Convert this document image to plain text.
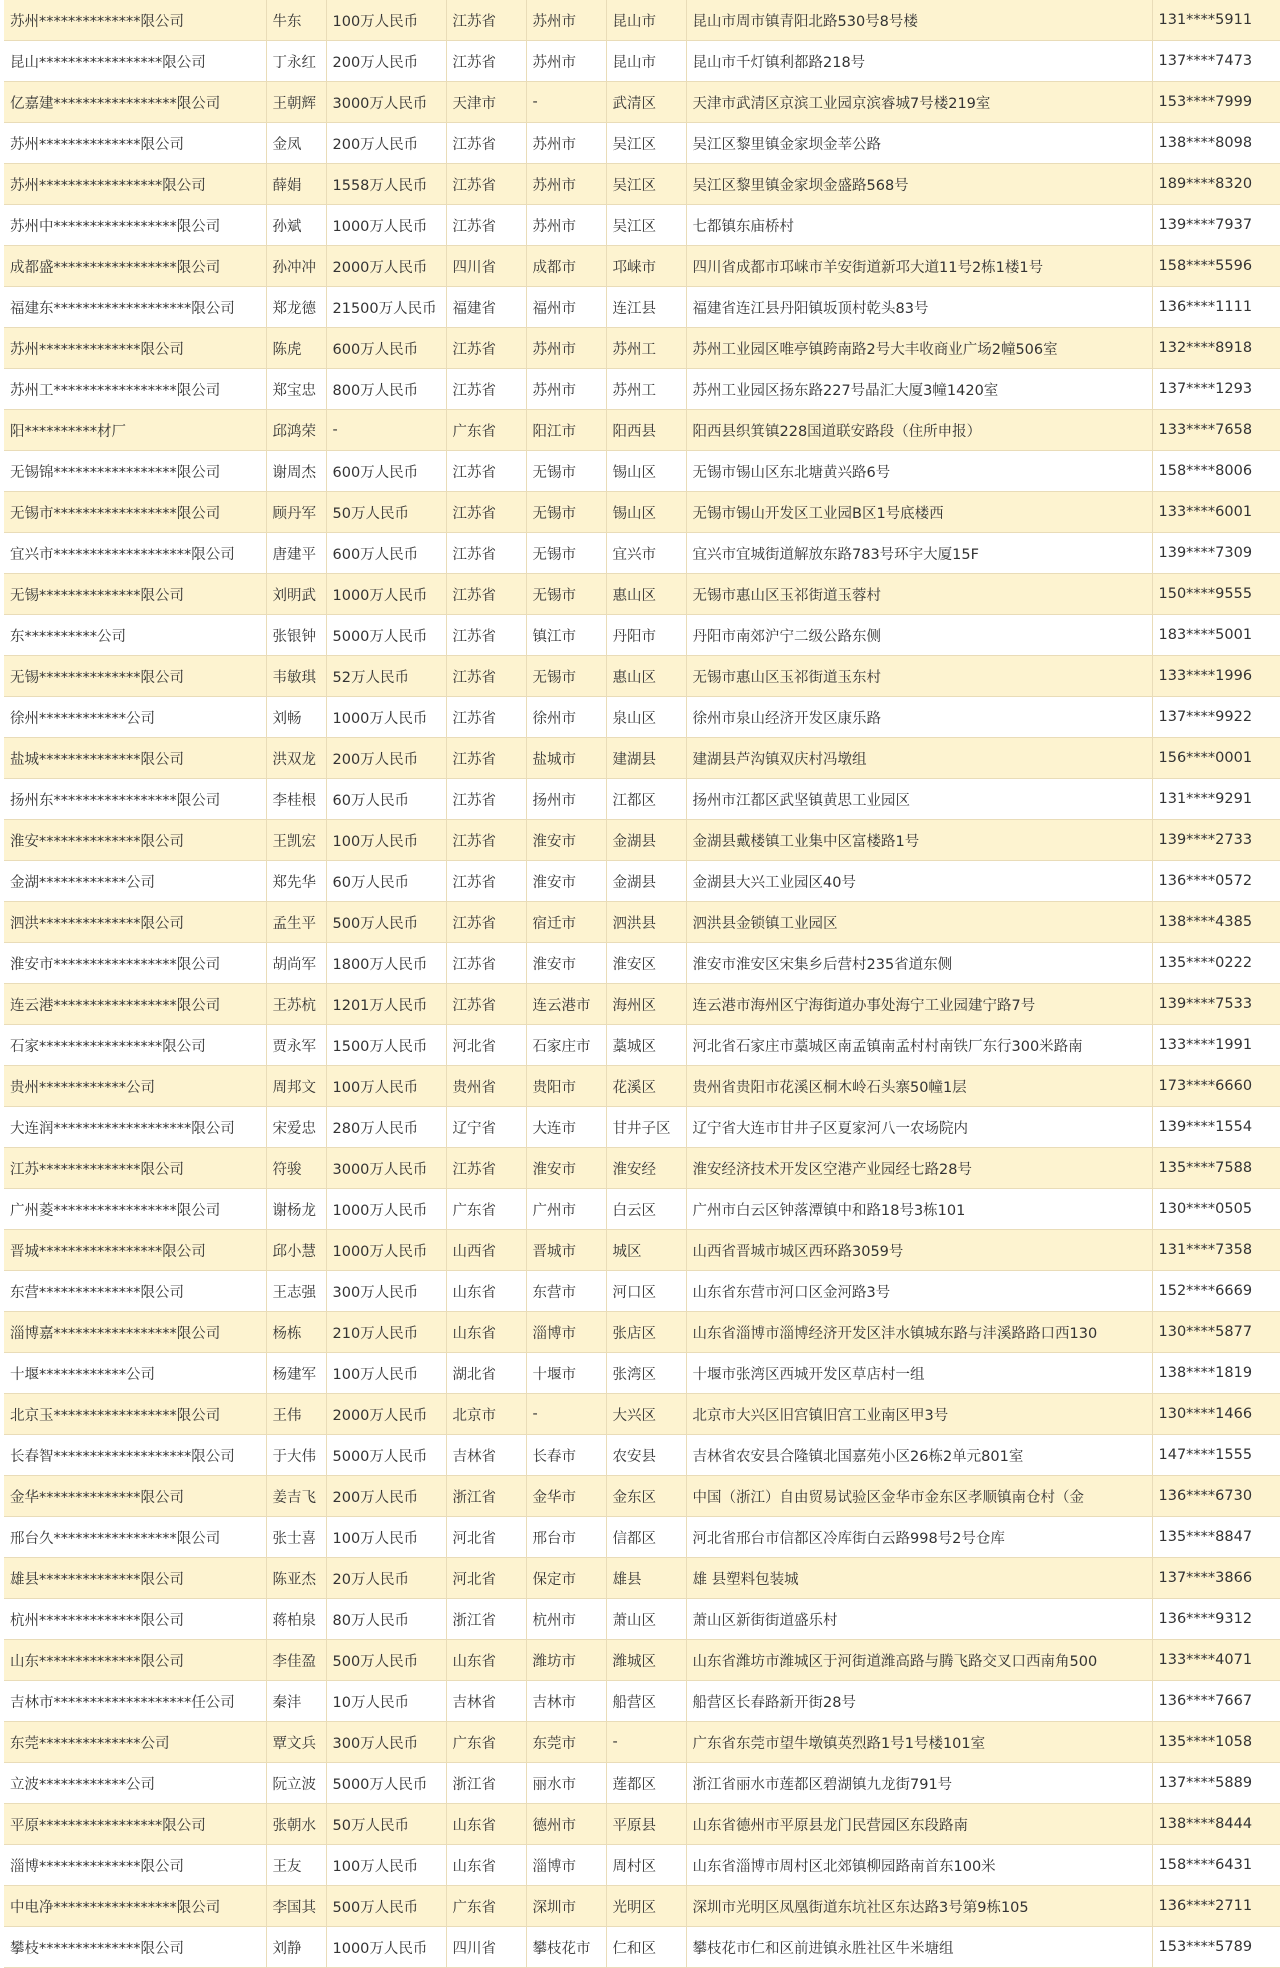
苏州**************限公司	牛东	100万人民币	江苏省	苏州市	昆山市	昆山市周市镇青阳北路530号8号楼	131****5911
昆山*****************限公司	丁永红	200万人民币	江苏省	苏州市	昆山市	昆山市千灯镇利都路218号	137****7473
亿嘉建*****************限公司	王朝辉	3000万人民币	天津市	-	武清区	天津市武清区京滨工业园京滨睿城7号楼219室	153****7999
苏州**************限公司	金凤	200万人民币	江苏省	苏州市	吴江区	吴江区黎里镇金家坝金莘公路	138****8098
苏州*****************限公司	薛娟	1558万人民币	江苏省	苏州市	吴江区	吴江区黎里镇金家坝金盛路568号	189****8320
苏州中*****************限公司	孙斌	1000万人民币	江苏省	苏州市	吴江区	七都镇东庙桥村	139****7937
成都盛*****************限公司	孙冲冲	2000万人民币	四川省	成都市	邛崃市	四川省成都市邛崃市羊安街道新邛大道11号2栋1楼1号	158****5596
福建东*******************限公司	郑龙德	21500万人民币	福建省	福州市	连江县	福建省连江县丹阳镇坂顶村乾头83号	136****1111
苏州**************限公司	陈虎	600万人民币	江苏省	苏州市	苏州工	苏州工业园区唯亭镇跨南路2号大丰收商业广场2幢506室	132****8918
苏州工*****************限公司	郑宝忠	800万人民币	江苏省	苏州市	苏州工	苏州工业园区扬东路227号晶汇大厦3幢1420室	137****1293
阳**********材厂	邱鸿荣	-	广东省	阳江市	阳西县	阳西县织箕镇228国道联安路段（住所申报）	133****7658
无锡锦*****************限公司	谢周杰	600万人民币	江苏省	无锡市	锡山区	无锡市锡山区东北塘黄兴路6号	158****8006
无锡市*****************限公司	顾丹军	50万人民币	江苏省	无锡市	锡山区	无锡市锡山开发区工业园B区1号底楼西	133****6001
宜兴市*******************限公司	唐建平	600万人民币	江苏省	无锡市	宜兴市	宜兴市宜城街道解放东路783号环宇大厦15F	139****7309
无锡**************限公司	刘明武	1000万人民币	江苏省	无锡市	惠山区	无锡市惠山区玉祁街道玉蓉村	150****9555
东**********公司	张银钟	5000万人民币	江苏省	镇江市	丹阳市	丹阳市南郊沪宁二级公路东侧	183****5001
无锡**************限公司	韦敏琪	52万人民币	江苏省	无锡市	惠山区	无锡市惠山区玉祁街道玉东村	133****1996
徐州************公司	刘畅	1000万人民币	江苏省	徐州市	泉山区	徐州市泉山经济开发区康乐路	137****9922
盐城**************限公司	洪双龙	200万人民币	江苏省	盐城市	建湖县	建湖县芦沟镇双庆村冯墩组	156****0001
扬州东*****************限公司	李桂根	60万人民币	江苏省	扬州市	江都区	扬州市江都区武坚镇黄思工业园区	131****9291
淮安**************限公司	王凯宏	100万人民币	江苏省	淮安市	金湖县	金湖县戴楼镇工业集中区富楼路1号	139****2733
金湖************公司	郑先华	60万人民币	江苏省	淮安市	金湖县	金湖县大兴工业园区40号	136****0572
泗洪**************限公司	孟生平	500万人民币	江苏省	宿迁市	泗洪县	泗洪县金锁镇工业园区	138****4385
淮安市*****************限公司	胡尚军	1800万人民币	江苏省	淮安市	淮安区	淮安市淮安区宋集乡后营村235省道东侧	135****0222
连云港*****************限公司	王苏杭	1201万人民币	江苏省	连云港市	海州区	连云港市海州区宁海街道办事处海宁工业园建宁路7号	139****7533
石家*****************限公司	贾永军	1500万人民币	河北省	石家庄市	藁城区	河北省石家庄市藁城区南孟镇南孟村村南铁厂东行300米路南	133****1991
贵州************公司	周邦文	100万人民币	贵州省	贵阳市	花溪区	贵州省贵阳市花溪区桐木岭石头寨50幢1层	173****6660
大连润*******************限公司	宋爱忠	280万人民币	辽宁省	大连市	甘井子区	辽宁省大连市甘井子区夏家河八一农场院内	139****1554
江苏**************限公司	符骏	3000万人民币	江苏省	淮安市	淮安经	淮安经济技术开发区空港产业园经七路28号	135****7588
广州菱*****************限公司	谢杨龙	1000万人民币	广东省	广州市	白云区	广州市白云区钟落潭镇中和路18号3栋101	130****0505
晋城*****************限公司	邱小慧	1000万人民币	山西省	晋城市	城区	山西省晋城市城区西环路3059号	131****7358
东营**************限公司	王志强	300万人民币	山东省	东营市	河口区	山东省东营市河口区金河路3号	152****6669
淄博嘉*****************限公司	杨栋	210万人民币	山东省	淄博市	张店区	山东省淄博市淄博经济开发区沣水镇城东路与沣溪路路口西130	130****5877
十堰************公司	杨建军	100万人民币	湖北省	十堰市	张湾区	十堰市张湾区西城开发区草店村一组	138****1819
北京玉*****************限公司	王伟	2000万人民币	北京市	-	大兴区	北京市大兴区旧宫镇旧宫工业南区甲3号	130****1466
长春智*******************限公司	于大伟	5000万人民币	吉林省	长春市	农安县	吉林省农安县合隆镇北国嘉苑小区26栋2单元801室	147****1555
金华**************限公司	姜吉飞	200万人民币	浙江省	金华市	金东区	中国（浙江）自由贸易试验区金华市金东区孝顺镇南仓村（金	136****6730
邢台久*****************限公司	张士喜	100万人民币	河北省	邢台市	信都区	河北省邢台市信都区冷库街白云路998号2号仓库	135****8847
雄县**************限公司	陈亚杰	20万人民币	河北省	保定市	雄县	雄 县塑料包装城	137****3866
杭州**************限公司	蒋柏泉	80万人民币	浙江省	杭州市	萧山区	萧山区新街街道盛乐村	136****9312
山东**************限公司	李佳盈	500万人民币	山东省	潍坊市	潍城区	山东省潍坊市潍城区于河街道潍高路与腾飞路交叉口西南角500	133****4071
吉林市*******************任公司	秦沣	10万人民币	吉林省	吉林市	船营区	船营区长春路新开街28号	136****7667
东莞**************公司	覃文兵	300万人民币	广东省	东莞市	-	广东省东莞市望牛墩镇英烈路1号1号楼101室	135****1058
立波************公司	阮立波	5000万人民币	浙江省	丽水市	莲都区	浙江省丽水市莲都区碧湖镇九龙街791号	137****5889
平原*****************限公司	张朝水	50万人民币	山东省	德州市	平原县	山东省德州市平原县龙门民营园区东段路南	138****8444
淄博**************限公司	王友	100万人民币	山东省	淄博市	周村区	山东省淄博市周村区北郊镇柳园路南首东100米	158****6431
中电净*****************限公司	李国其	500万人民币	广东省	深圳市	光明区	深圳市光明区凤凰街道东坑社区东达路3号第9栋105	136****2711
攀枝**************限公司	刘静	1000万人民币	四川省	攀枝花市	仁和区	攀枝花市仁和区前进镇永胜社区牛米塘组	153****5789
